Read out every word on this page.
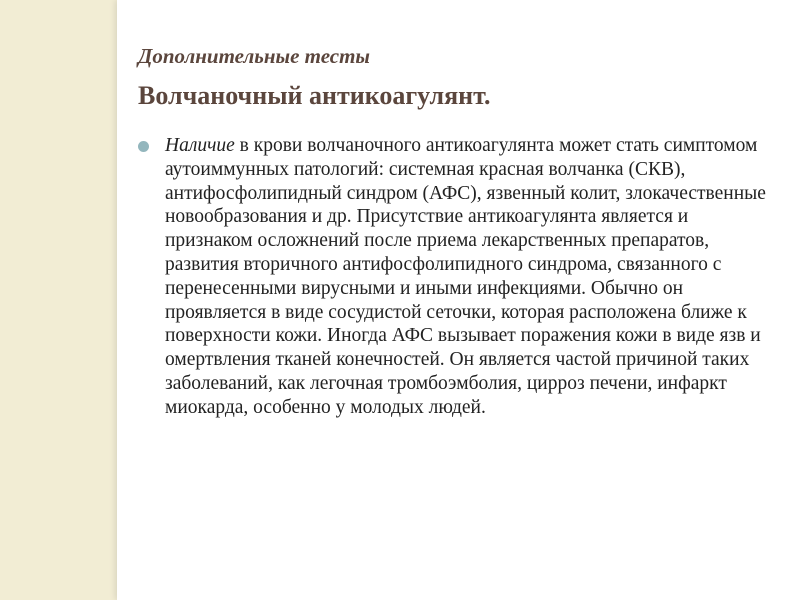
Дополнительные тесты
Волчаночный антикоагулянт.

Наличие в крови волчаночного антикоагулянта может стать симптомом аутоиммунных патологий: системная красная волчанка (СКВ), антифосфолипидный синдром (АФС), язвенный колит, злокачественные новообразования и др. Присутствие антикоагулянта является и признаком осложнений после приема лекарственных препаратов, развития вторичного антифосфолипидного синдрома, связанного с перенесенными вирусными и иными инфекциями. Обычно он проявляется в виде сосудистой сеточки, которая расположена ближе к поверхности кожи. Иногда АФС вызывает поражения кожи в виде язв и омертвления тканей конечностей. Он является частой причиной таких заболеваний, как легочная тромбоэмболия, цирроз печени, инфаркт миокарда, особенно у молодых людей.
